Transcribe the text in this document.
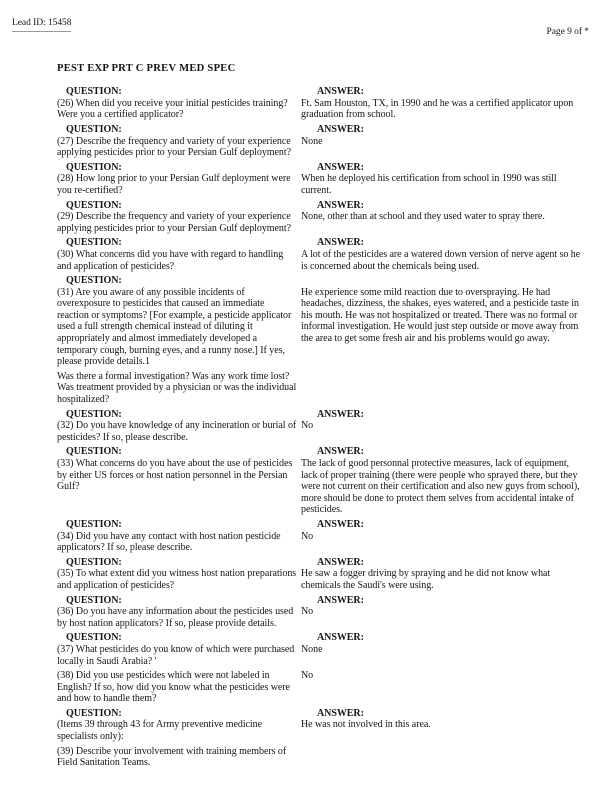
Lead ID: 15458
Page 9 of *
PEST EXP PRT C PREV MED SPEC
QUESTION:
(26) When did you receive your initial pesticides training? Were you a certified applicator?
ANSWER:
Ft. Sam Houston, TX, in 1990 and he was a certified applicator upon graduation from school.
QUESTION:
(27) Describe the frequency and variety of your experience applying pesticides prior to your Persian Gulf deployment?
ANSWER:
None
QUESTION:
(28) How long prior to your Persian Gulf deployment were you re-certified?
ANSWER:
When he deployed his certification from school in 1990 was still current.
QUESTION:
(29) Describe the frequency and variety of your experience applying pesticides prior to your Persian Gulf deployment?
ANSWER:
None, other than at school and they used water to spray there.
QUESTION:
(30) What concerns did you have with regard to handling and application of pesticides?
ANSWER:
A lot of the pesticides are a watered down version of nerve agent so he is concerned about the chemicals being used.
QUESTION:
(31) Are you aware of any possible incidents of overexposure to pesticides that caused an immediate reaction or symptoms? [For example, a pesticide applicator used a full strength chemical instead of diluting it appropriately and almost immediately developed a temporary cough, burning eyes, and a runny nose.] If yes, please provide details.1
Was there a formal investigation? Was any work time lost? Was treatment provided by a physician or was the individual hospitalized?

He experience some mild reaction due to overspraying. He had headaches, dizziness, the shakes, eyes watered, and a pesticide taste in his mouth. He was not hospitalized or treated. There was no formal or informal investigation. He would just step outside or move away from the area to get some fresh air and his problems would go away.
QUESTION:
(32) Do you have knowledge of any incineration or burial of pesticides? If so, please describe.
ANSWER:
No
QUESTION:
(33) What concerns do you have about the use of pesticides by either US forces or host nation personnel in the Persian Gulf?
ANSWER:
The lack of good personnal protective measures, lack of equipment, lack of proper training (there were people who sprayed there, but they were not current on their certification and also new guys from school), more should be done to protect them selves from accidental intake of pesticides.
QUESTION:
(34) Did you have any contact with host nation pesticide applicators? If so, please describe.
ANSWER:
No
QUESTION:
(35) To what extent did you witness host nation preparations and application of pesticides?
ANSWER:
He saw a fogger driving by spraying and he did not know what chemicals the Saudi's were using.
QUESTION:
(36) Do you have any information about the pesticides used by host nation applicators? If so, please provide details.
ANSWER:
No
QUESTION:
(37) What pesticides do you know of which were purchased locally in Saudi Arabia? '
ANSWER:
None
(38) Did you use pesticides which were not labeled in English? If so, how did you know what the pesticides were and how to handle them?
No
QUESTION:
(Items 39 through 43 for Army preventive medicine specialists only):
(39) Describe your involvement with training members of Field Sanitation Teams.
ANSWER:
He was not involved in this area.
